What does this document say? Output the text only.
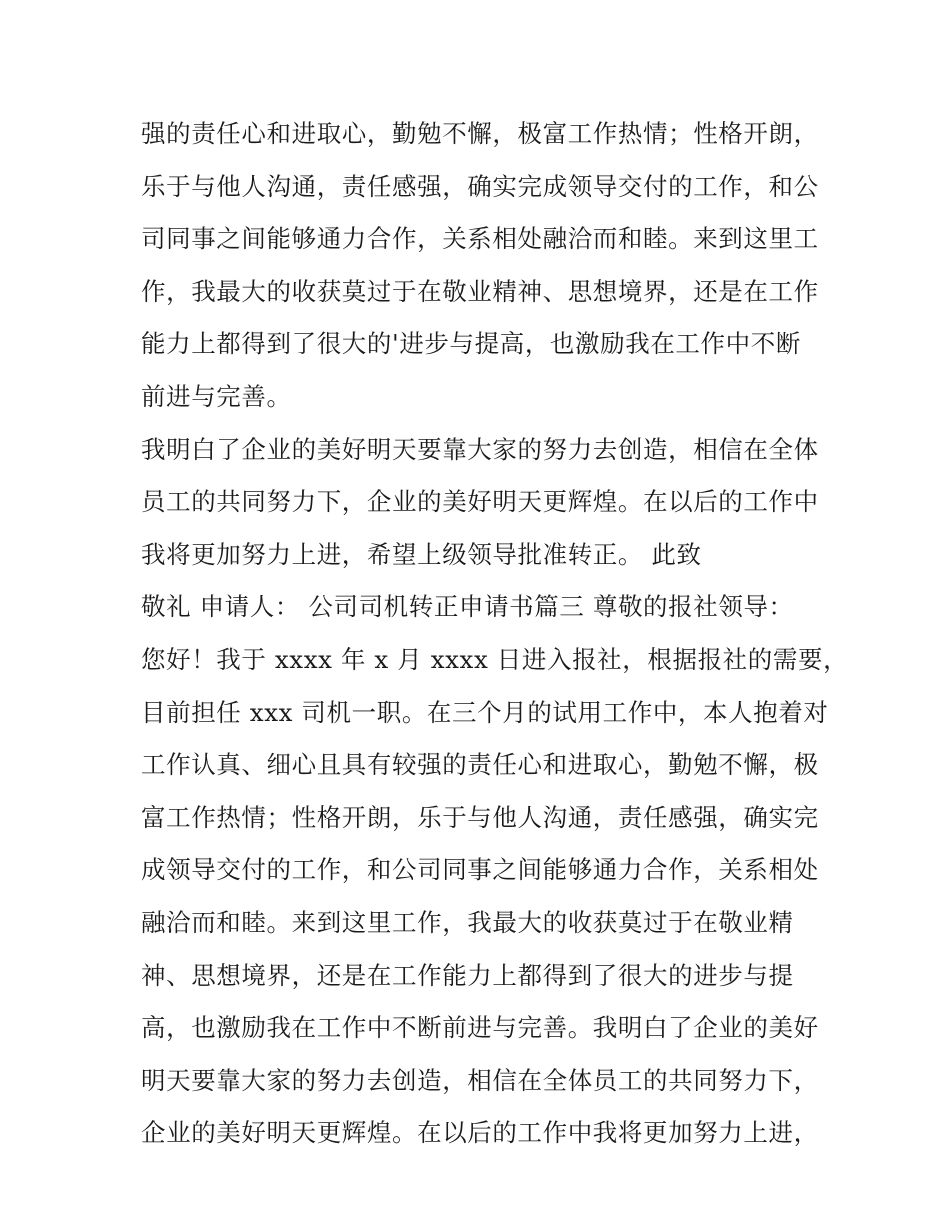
强的责任心和进取心，勤勉不懈，极富工作热情；性格开朗，
乐于与他人沟通，责任感强，确实完成领导交付的工作，和公
司同事之间能够通力合作，关系相处融洽而和睦。来到这里工
作，我最大的收获莫过于在敬业精神、思想境界，还是在工作
能力上都得到了很大的'进步与提高，也激励我在工作中不断
前进与完善。
我明白了企业的美好明天要靠大家的努力去创造，相信在全体
员工的共同努力下，企业的美好明天更辉煌。在以后的工作中
我将更加努力上进，希望上级领导批准转正。 此致
敬礼 申请人： 公司司机转正申请书篇三 尊敬的报社领导：
您好！我于 xxxx 年 x 月 xxxx 日进入报社，根据报社的需要，
目前担任 xxx 司机一职。在三个月的试用工作中，本人抱着对
工作认真、细心且具有较强的责任心和进取心，勤勉不懈，极
富工作热情；性格开朗，乐于与他人沟通，责任感强，确实完
成领导交付的工作，和公司同事之间能够通力合作，关系相处
融洽而和睦。来到这里工作，我最大的收获莫过于在敬业精
神、思想境界，还是在工作能力上都得到了很大的进步与提
高，也激励我在工作中不断前进与完善。我明白了企业的美好
明天要靠大家的努力去创造，相信在全体员工的共同努力下，
企业的美好明天更辉煌。在以后的工作中我将更加努力上进，
